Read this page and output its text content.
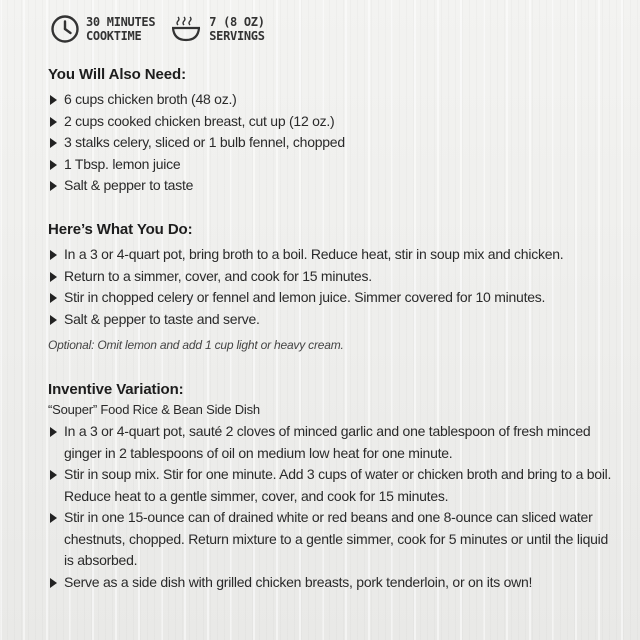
30 MINUTES
COOKTIME
7 (8 OZ)
SERVINGS
You Will Also Need:
6 cups chicken broth (48 oz.)
2 cups cooked chicken breast, cut up (12 oz.)
3 stalks celery, sliced or 1 bulb fennel, chopped
1 Tbsp. lemon juice
Salt & pepper to taste
Here’s What You Do:
In a 3 or 4-quart pot, bring broth to a boil. Reduce heat, stir in soup mix and chicken.
Return to a simmer, cover, and cook for 15 minutes.
Stir in chopped celery or fennel and lemon juice. Simmer covered for 10 minutes.
Salt & pepper to taste and serve.
Optional: Omit lemon and add 1 cup light or heavy cream.
Inventive Variation:
“Souper” Food Rice & Bean Side Dish
In a 3 or 4-quart pot, sauté 2 cloves of minced garlic and one tablespoon of fresh minced ginger in 2 tablespoons of oil on medium low heat for one minute.
Stir in soup mix. Stir for one minute. Add 3 cups of water or chicken broth and bring to a boil. Reduce heat to a gentle simmer, cover, and cook for 15 minutes.
Stir in one 15-ounce can of drained white or red beans and one 8-ounce can sliced water chestnuts, chopped. Return mixture to a gentle simmer, cook for 5 minutes or until the liquid is absorbed.
Serve as a side dish with grilled chicken breasts, pork tenderloin, or on its own!
